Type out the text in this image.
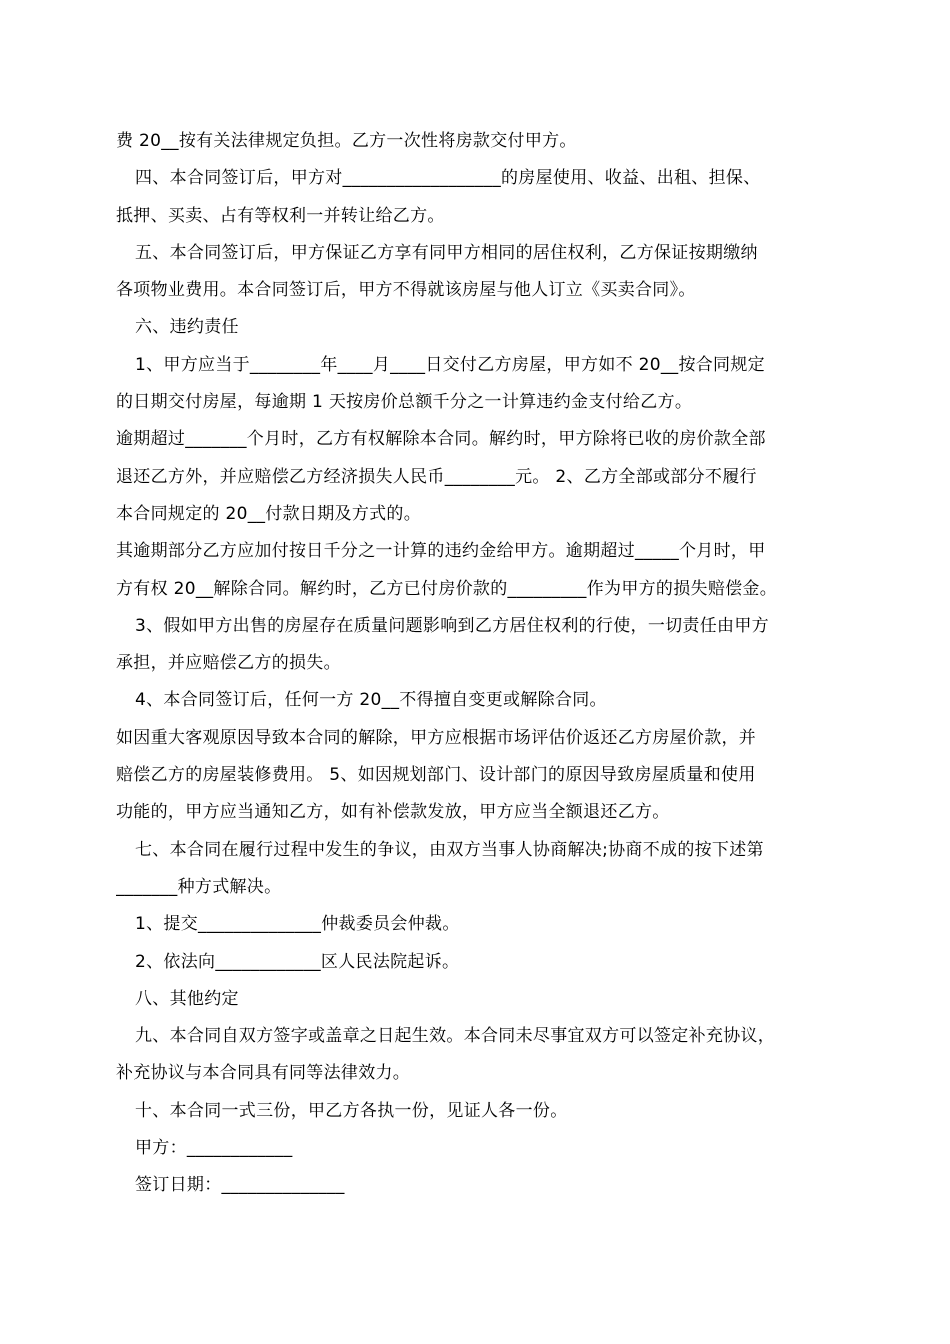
费 20__按有关法律规定负担。乙方一次性将房款交付甲方。
四、本合同签订后，甲方对__________________的房屋使用、收益、出租、担保、
抵押、买卖、占有等权利一并转让给乙方。
五、本合同签订后，甲方保证乙方享有同甲方相同的居住权利，乙方保证按期缴纳
各项物业费用。本合同签订后，甲方不得就该房屋与他人订立《买卖合同》。
六、违约责任
1、甲方应当于________年____月____日交付乙方房屋，甲方如不 20__按合同规定
的日期交付房屋，每逾期 1 天按房价总额千分之一计算违约金支付给乙方。
逾期超过_______个月时，乙方有权解除本合同。解约时，甲方除将已收的房价款全部
退还乙方外，并应赔偿乙方经济损失人民币________元。 2、乙方全部或部分不履行
本合同规定的 20__付款日期及方式的。
其逾期部分乙方应加付按日千分之一计算的违约金给甲方。逾期超过_____个月时，甲
方有权 20__解除合同。解约时，乙方已付房价款的_________作为甲方的损失赔偿金。
3、假如甲方出售的房屋存在质量问题影响到乙方居住权利的行使，一切责任由甲方
承担，并应赔偿乙方的损失。
4、本合同签订后，任何一方 20__不得擅自变更或解除合同。
如因重大客观原因导致本合同的解除，甲方应根据市场评估价返还乙方房屋价款，并
赔偿乙方的房屋装修费用。 5、如因规划部门、设计部门的原因导致房屋质量和使用
功能的，甲方应当通知乙方，如有补偿款发放，甲方应当全额退还乙方。
七、本合同在履行过程中发生的争议，由双方当事人协商解决;协商不成的按下述第
_______种方式解决。
1、提交______________仲裁委员会仲裁。
2、依法向____________区人民法院起诉。
八、其他约定
九、本合同自双方签字或盖章之日起生效。本合同未尽事宜双方可以签定补充协议，
补充协议与本合同具有同等法律效力。
十、本合同一式三份，甲乙方各执一份，见证人各一份。
甲方：____________
签订日期：______________
